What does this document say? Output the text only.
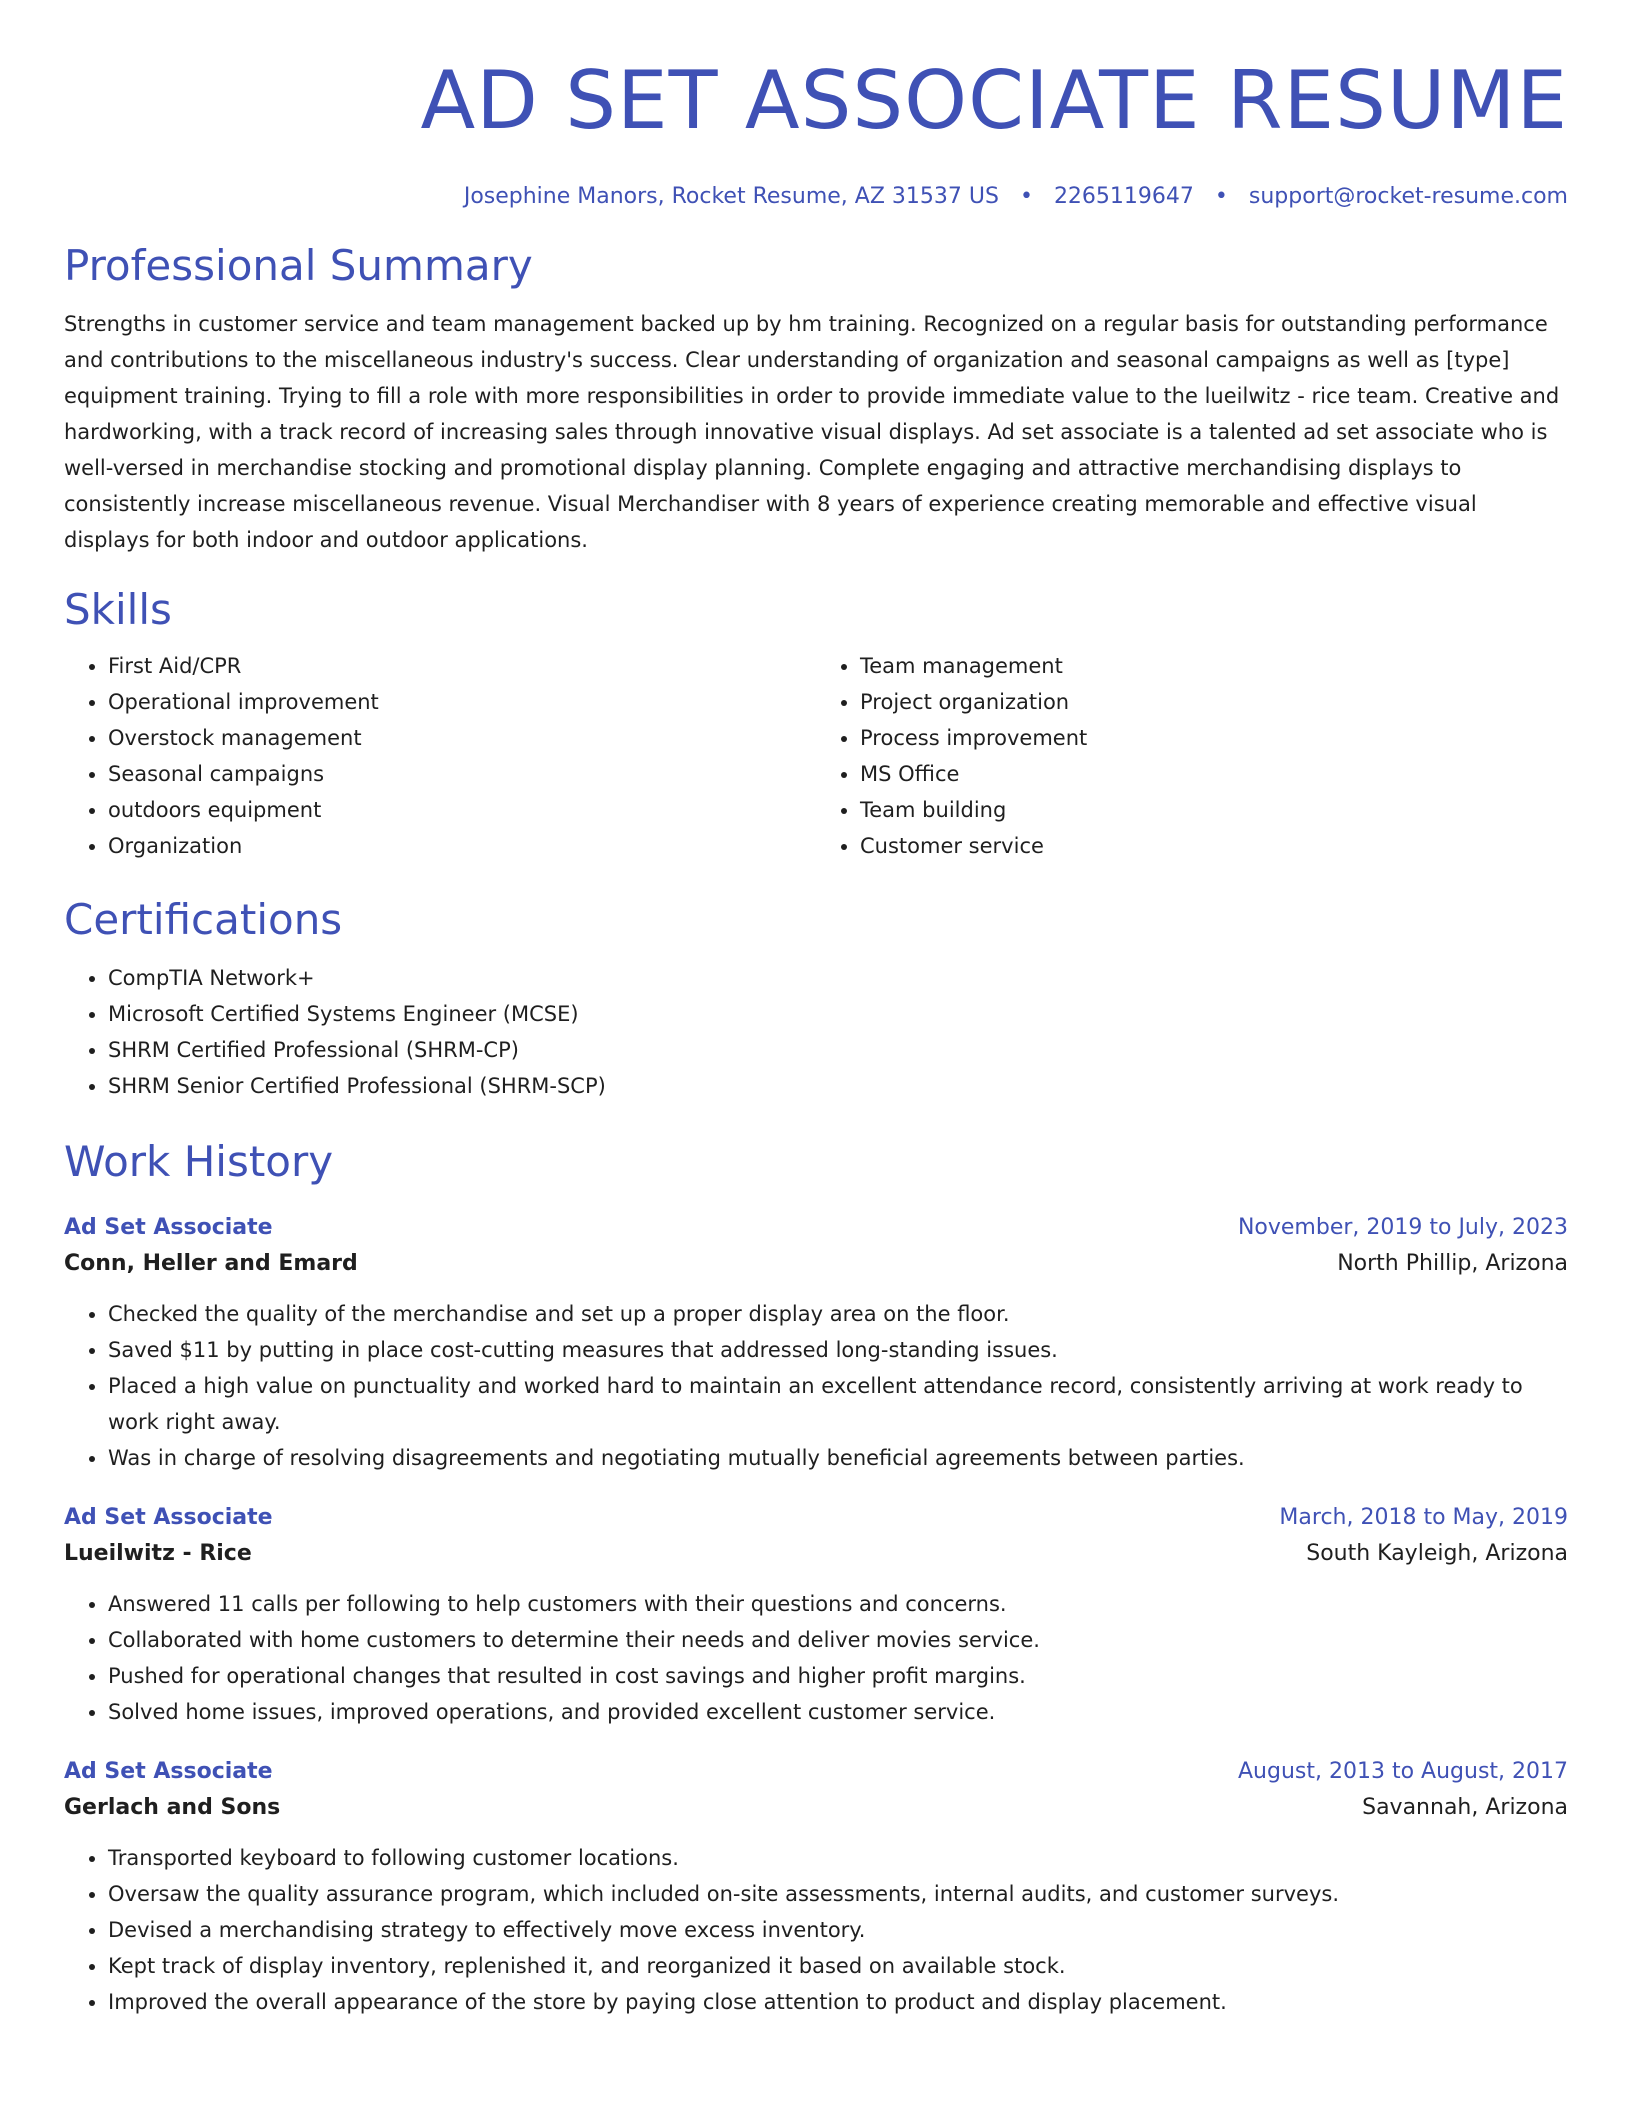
AD SET ASSOCIATE RESUME
Josephine Manors, Rocket Resume, AZ 31537 US • 2265119647 • support@rocket-resume.com
Professional Summary

Strengths in customer service and team management backed up by hm training. Recognized on a regular basis for outstanding performance and contributions to the miscellaneous industry's success. Clear understanding of organization and seasonal campaigns as well as [type] equipment training. Trying to fill a role with more responsibilities in order to provide immediate value to the lueilwitz - rice team. Creative and hardworking, with a track record of increasing sales through innovative visual displays. Ad set associate is a talented ad set associate who is well-versed in merchandise stocking and promotional display planning. Complete engaging and attractive merchandising displays to consistently increase miscellaneous revenue. Visual Merchandiser with 8 years of experience creating memorable and effective visual displays for both indoor and outdoor applications.

Skills
• First Aid/CPR
• Operational improvement
• Overstock management
• Seasonal campaigns
• outdoors equipment
• Organization
• Team management
• Project organization
• Process improvement
• MS Office
• Team building
• Customer service
Certifications
• CompTIA Network+
• Microsoft Certified Systems Engineer (MCSE)
• SHRM Certified Professional (SHRM-CP)
• SHRM Senior Certified Professional (SHRM-SCP)
Work History
Ad Set Associate	November, 2019 to July, 2023
Conn, Heller and Emard	North Phillip, Arizona
• Checked the quality of the merchandise and set up a proper display area on the floor.
• Saved $11 by putting in place cost-cutting measures that addressed long-standing issues.
• Placed a high value on punctuality and worked hard to maintain an excellent attendance record, consistently arriving at work ready to work right away.
• Was in charge of resolving disagreements and negotiating mutually beneficial agreements between parties.
Ad Set Associate	March, 2018 to May, 2019
Lueilwitz - Rice	South Kayleigh, Arizona
• Answered 11 calls per following to help customers with their questions and concerns.
• Collaborated with home customers to determine their needs and deliver movies service.
• Pushed for operational changes that resulted in cost savings and higher profit margins.
• Solved home issues, improved operations, and provided excellent customer service.
Ad Set Associate	August, 2013 to August, 2017
Gerlach and Sons	Savannah, Arizona
• Transported keyboard to following customer locations.
• Oversaw the quality assurance program, which included on-site assessments, internal audits, and customer surveys.
• Devised a merchandising strategy to effectively move excess inventory.
• Kept track of display inventory, replenished it, and reorganized it based on available stock.
• Improved the overall appearance of the store by paying close attention to product and display placement.
